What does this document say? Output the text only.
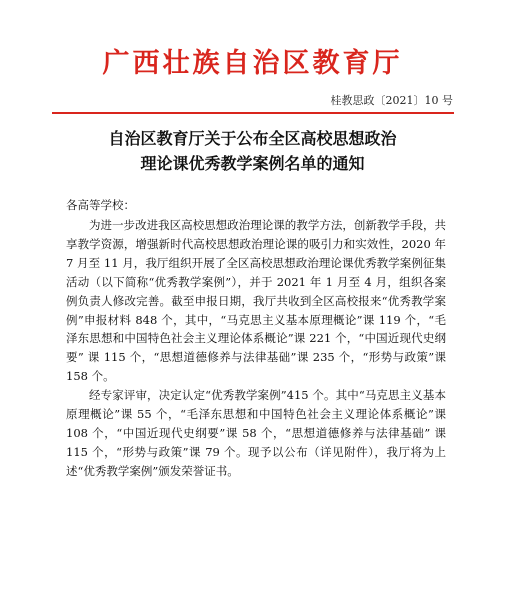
广西壮族自治区教育厅
桂教思政〔2021〕10 号
自治区教育厅关于公布全区高校思想政治
理论课优秀教学案例名单的通知
各高等学校：

为进一步改进我区高校思想政治理论课的教学方法，创新教学手段，共享教学资源，增强新时代高校思想政治理论课的吸引力和实效性，2020 年 7 月至 11 月，我厅组织开展了全区高校思想政治理论课优秀教学案例征集活动（以下简称“优秀教学案例”），并于 2021 年 1 月至 4 月，组织各案例负责人修改完善。截至申报日期，我厅共收到全区高校报来“优秀教学案例”申报材料 848 个，其中，“马克思主义基本原理概论”课 119 个，“毛泽东思想和中国特色社会主义理论体系概论”课 221 个，“中国近现代史纲要” 课 115 个，“思想道德修养与法律基础”课 235 个，“形势与政策”课 158 个。

经专家评审，决定认定“优秀教学案例”415 个。其中“马克思主义基本原理概论”课 55 个，“毛泽东思想和中国特色社会主义理论体系概论”课 108 个，“中国近现代史纲要”课 58 个，“思想道德修养与法律基础” 课 115 个，“形势与政策”课 79 个。现予以公布（详见附件），我厅将为上述“优秀教学案例”颁发荣誉证书。
